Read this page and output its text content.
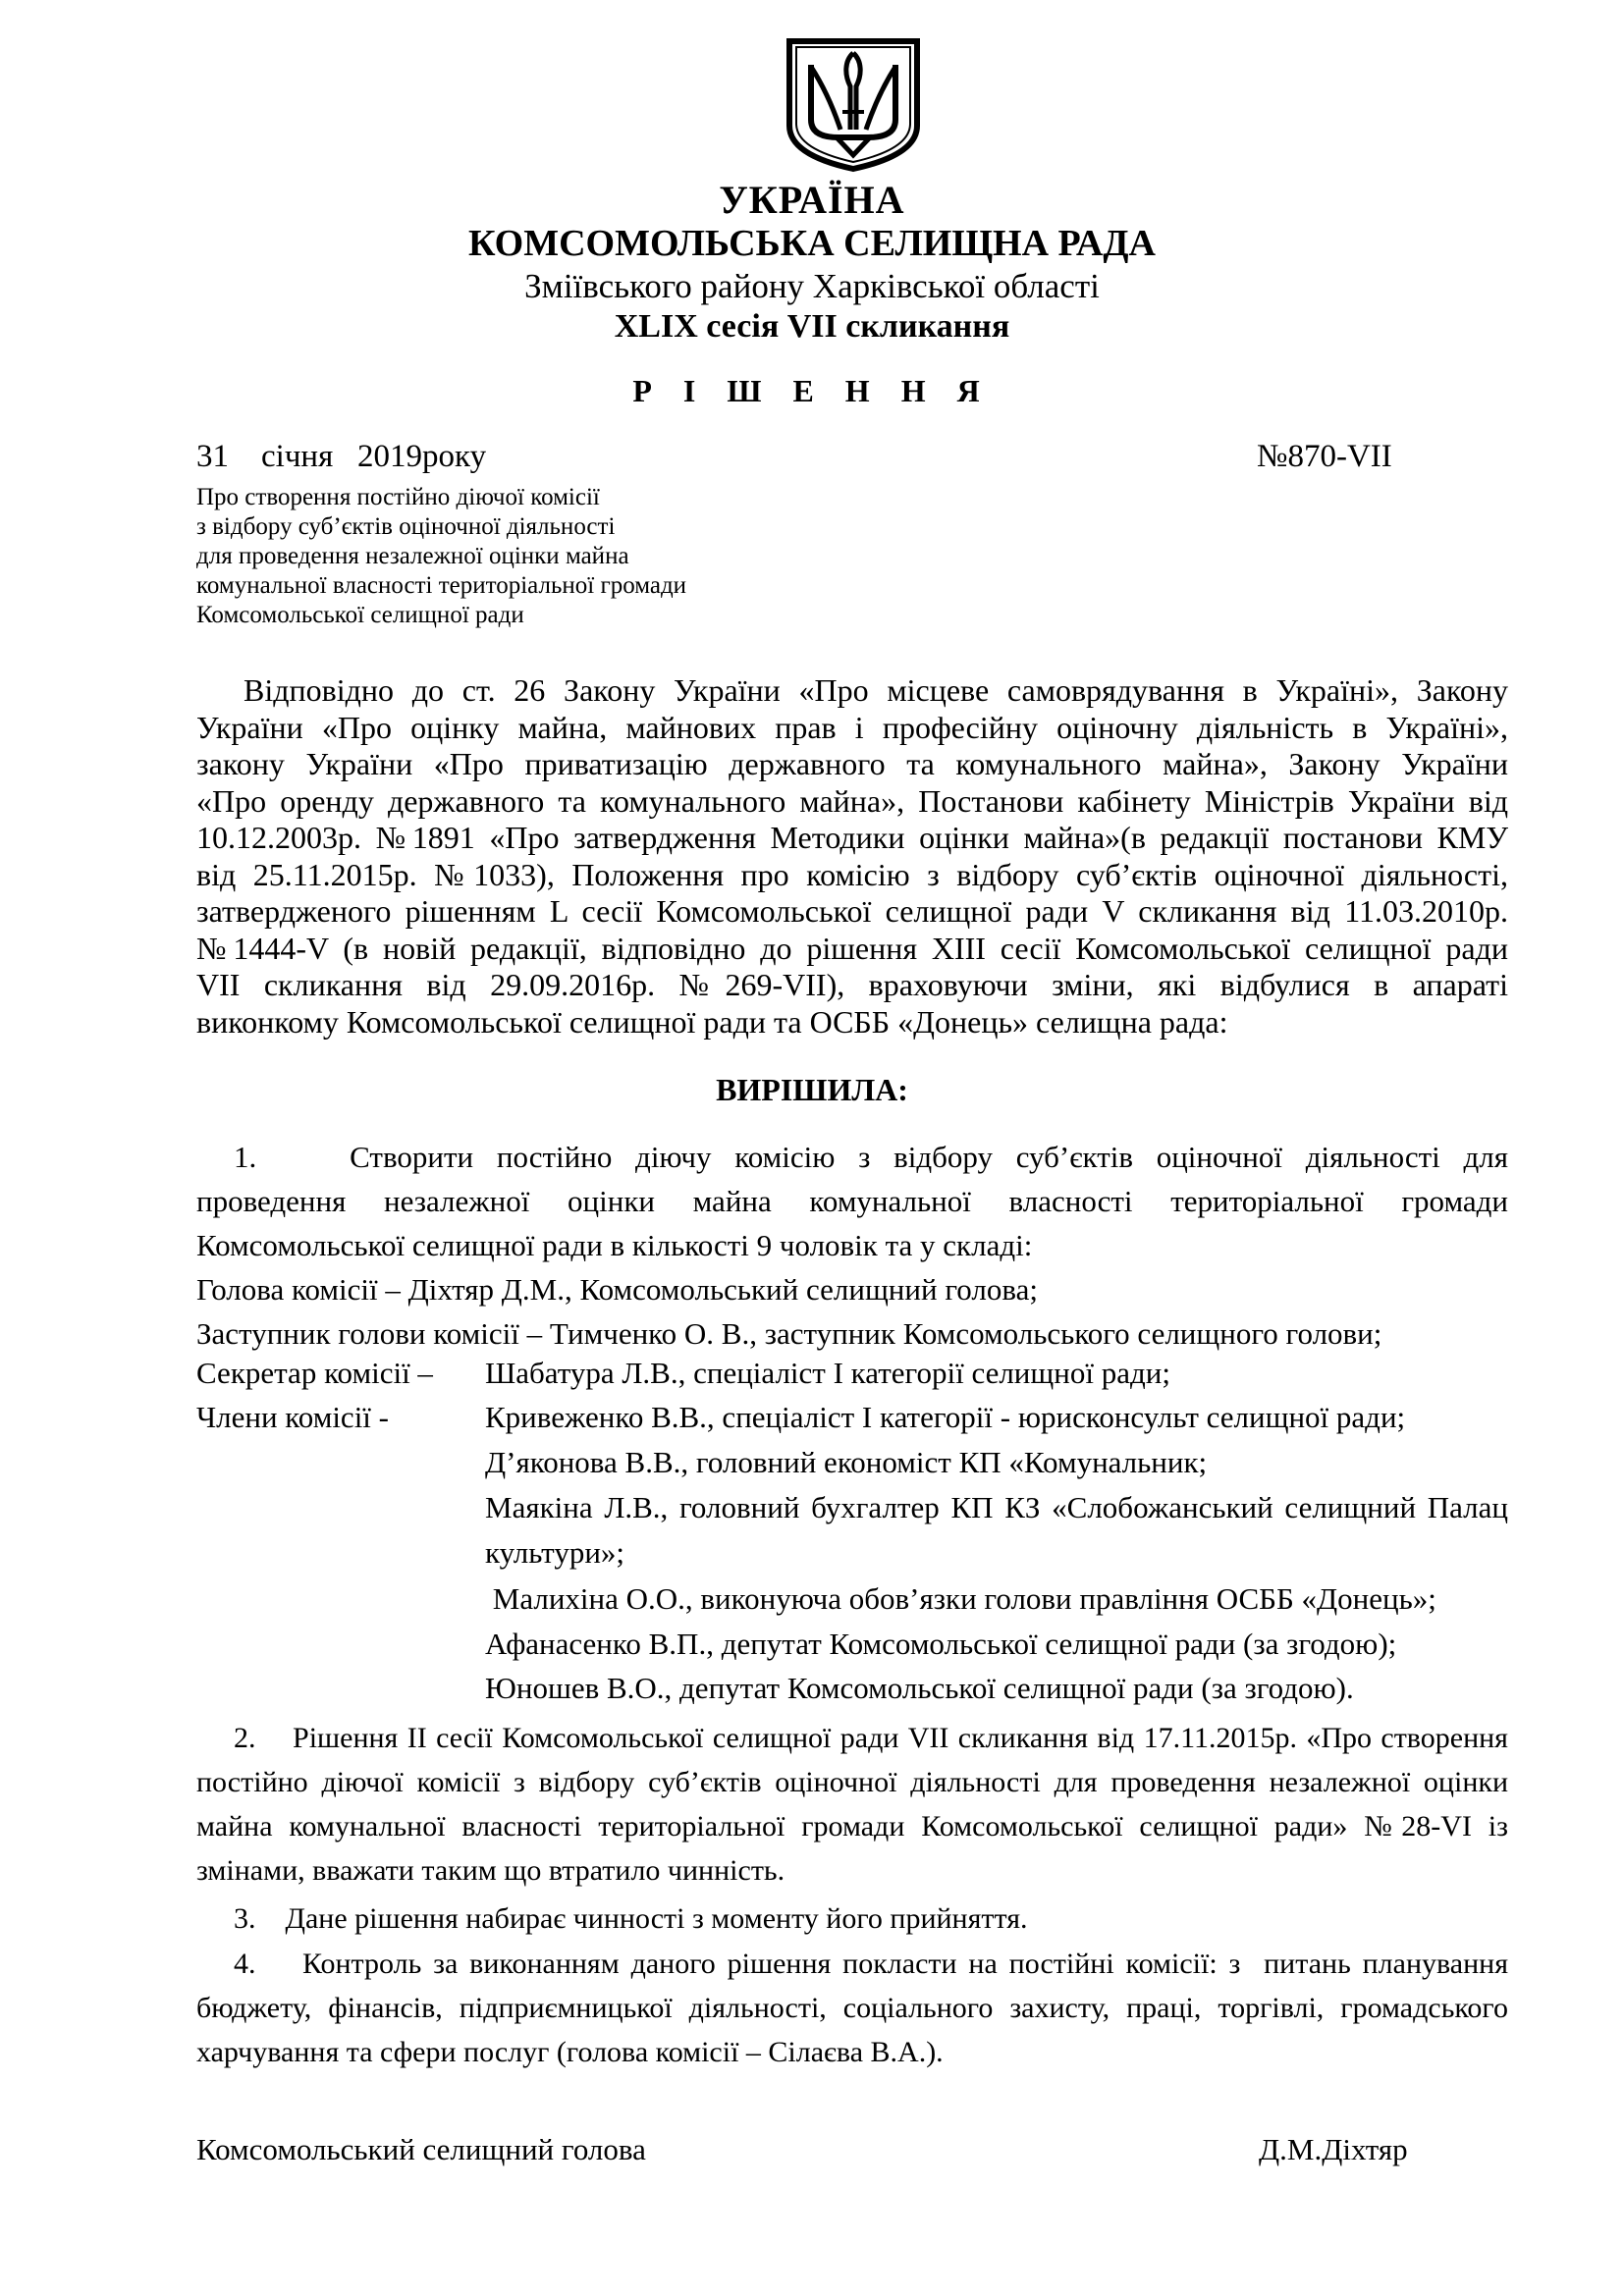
УКРАЇНА
КОМСОМОЛЬСЬКА СЕЛИЩНА РАДА
Зміївського району Харківської області
XLIX сесія VII скликання
Р І Ш Е Н Н Я
31    січня   2019року	№870-VII
Про створення постійно діючої комісії
з відбору суб’єктів оціночної діяльності
для проведення незалежної оцінки майна
комунальної власності територіальної громади
Комсомольської селищної ради
Відповідно до ст. 26 Закону України «Про місцеве самоврядування в Україні», Закону
України «Про оцінку майна, майнових прав і професійну оціночну діяльність в Україні»,
закону України «Про приватизацію державного та комунального майна», Закону України
«Про оренду державного та комунального майна», Постанови кабінету Міністрів України від
10.12.2003р. №1891 «Про затвердження Методики оцінки майна»(в редакції постанови КМУ
від 25.11.2015р. №1033), Положення про комісію з відбору суб’єктів оціночної діяльності,
затвердженого рішенням L сесії Комсомольської селищної ради V скликання від 11.03.2010р.
№1444-V (в новій редакції, відповідно до рішення XIII сесії Комсомольської селищної ради
VII скликання від 29.09.2016р. №269-VII), враховуючи зміни, які відбулися в апараті
виконкому Комсомольської селищної ради та ОСББ «Донець» селищна рада:
ВИРІШИЛА:
1.    Створити постійно діючу комісію з відбору суб’єктів оціночної діяльності для
проведення незалежної оцінки майна комунальної власності територіальної громади
Комсомольської селищної ради в кількості 9 чоловік та у складі:
Голова комісії – Діхтяр Д.М., Комсомольський селищний голова;
Заступник голови комісії – Тимченко О. В., заступник Комсомольського селищного голови;
Секретар комісії – Шабатура Л.В., спеціаліст І категорії селищної ради;
Члени комісії -	Кривеженко В.В., спеціаліст І категорії - юрисконсульт селищної ради;
Д’яконова В.В., головний економіст КП «Комунальник;
Маякіна Л.В., головний бухгалтер КП КЗ «Слобожанський селищний Палац
культури»;
Малихіна О.О., виконуюча обов’язки голови правління ОСББ «Донець»;
Афанасенко В.П., депутат Комсомольської селищної ради (за згодою);
Юношев В.О., депутат Комсомольської селищної ради (за згодою).
2.    Рішення ІІ сесії Комсомольської селищної ради VII скликання від 17.11.2015р. «Про створення
постійно діючої комісії з відбору суб’єктів оціночної діяльності для проведення незалежної оцінки
майна комунальної власності територіальної громади Комсомольської селищної ради» №28-VI із
змінами, вважати таким що втратило чинність.
3.    Дане рішення набирає чинності з моменту його прийняття.
4.    Контроль за виконанням даного рішення покласти на постійні комісії: з  питань планування
бюджету, фінансів, підприємницької діяльності, соціального захисту, праці, торгівлі, громадського
харчування та сфери послуг (голова комісії – Сілаєва В.А.).
Комсомольський селищний голова	Д.М.Діхтяр
